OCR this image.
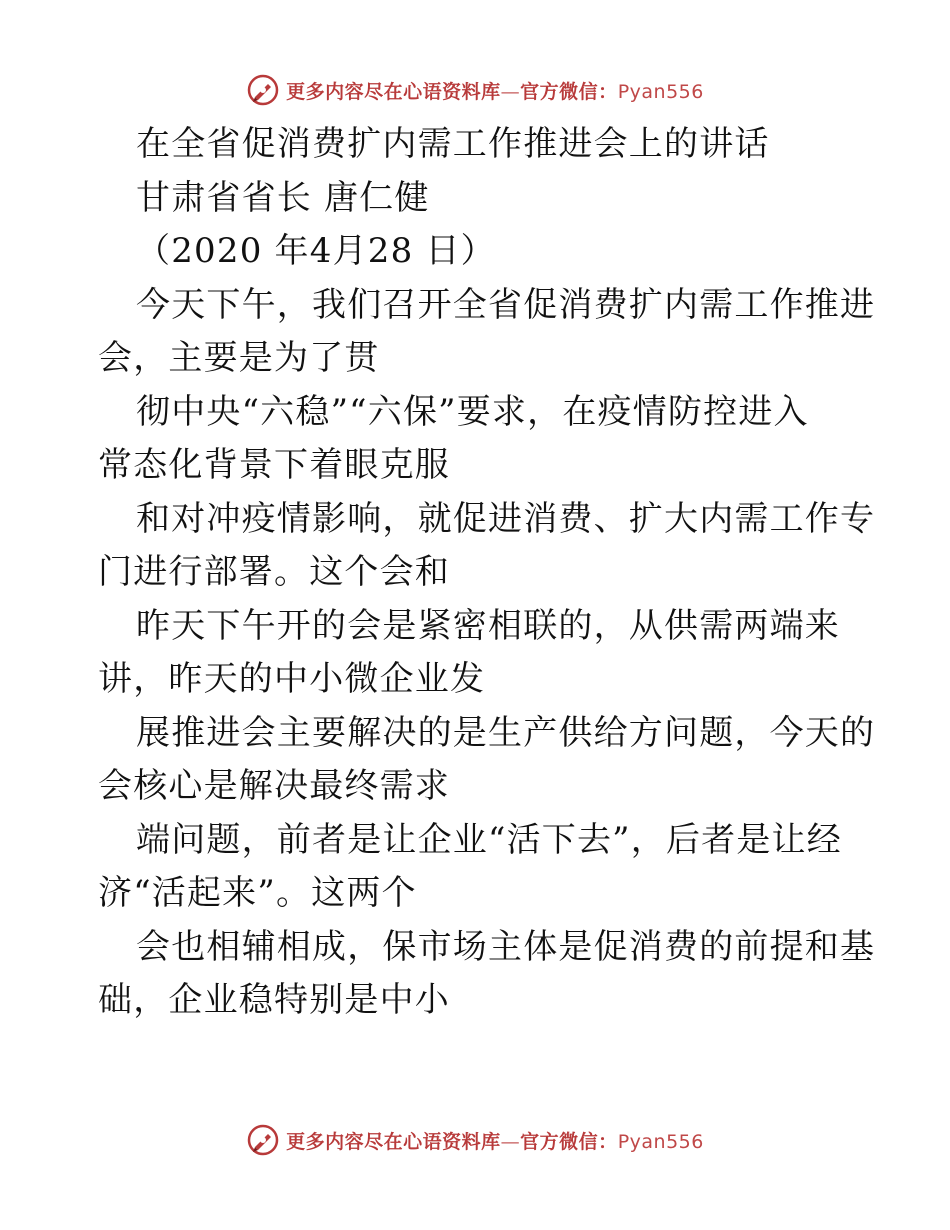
更多内容尽在心语资料库—官方微信：Pyan556
在全省促消费扩内需工作推进会上的讲话
甘肃省省长 唐仁健
（2020 年4月28 日）
今天下午，我们召开全省促消费扩内需工作推进
会，主要是为了贯
彻中央“六稳”“六保”要求，在疫情防控进入
常态化背景下着眼克服
和对冲疫情影响，就促进消费、扩大内需工作专
门进行部署。这个会和
昨天下午开的会是紧密相联的，从供需两端来
讲，昨天的中小微企业发
展推进会主要解决的是生产供给方问题，今天的
会核心是解决最终需求
端问题，前者是让企业“活下去”，后者是让经
济“活起来”。这两个
会也相辅相成，保市场主体是促消费的前提和基
础，企业稳特别是中小
更多内容尽在心语资料库—官方微信：Pyan556
